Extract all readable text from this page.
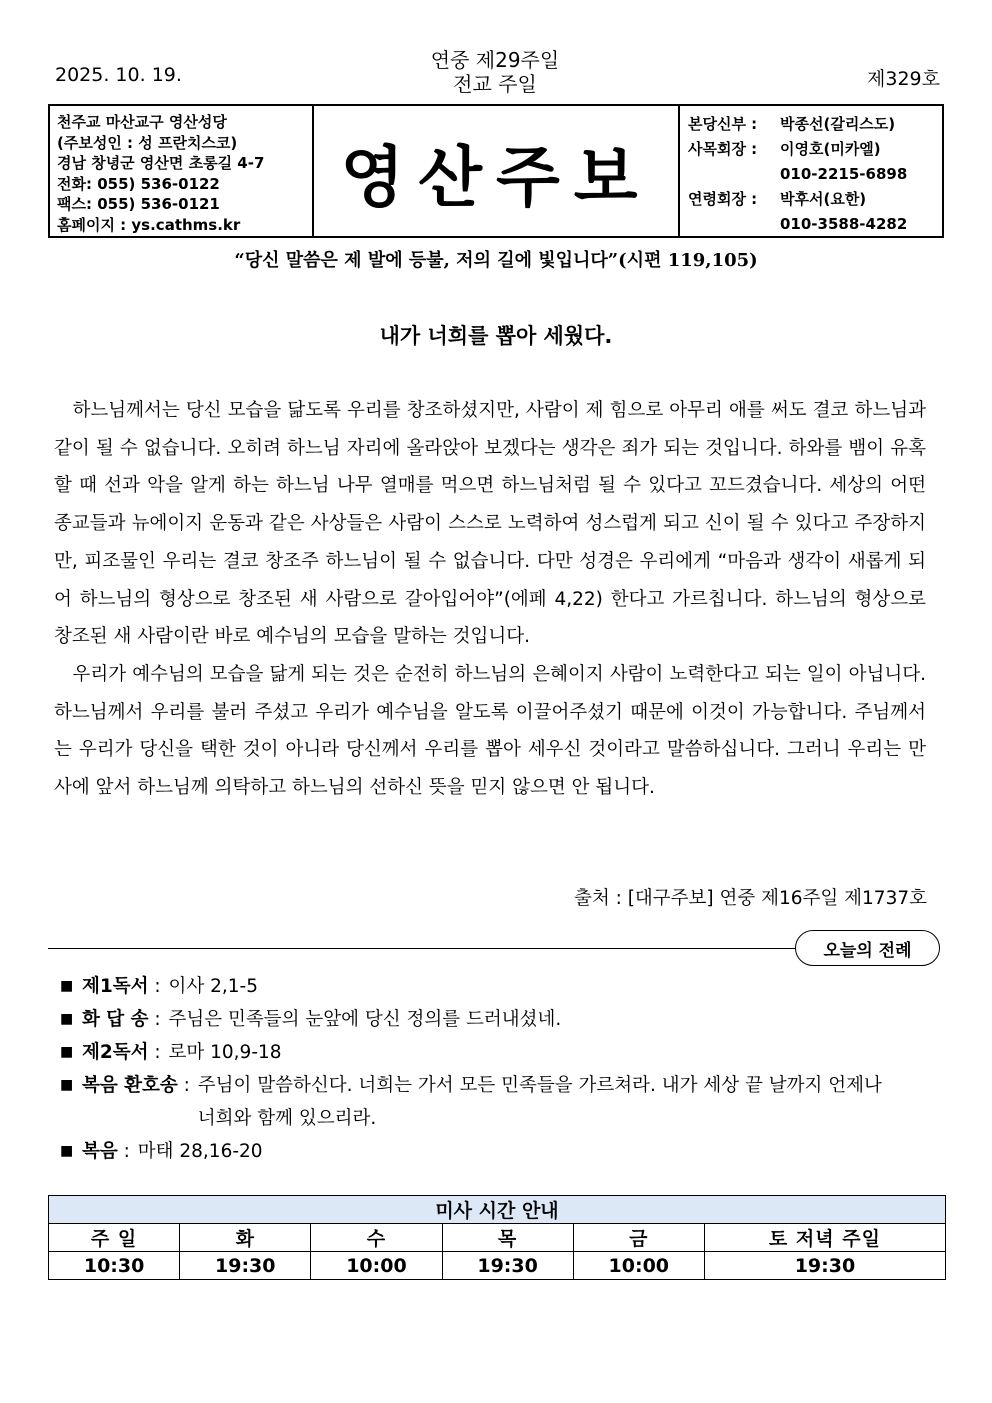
2025. 10. 19.
연중 제29주일
전교 주일	제329호
천주교 마산교구 영산성당
(주보성인 : 성 프란치스코)
경남 창녕군 영산면 초롱길 4-7
전화: 055) 536-0122
팩스: 055) 536-0121
홈페이지 : ys.cathms.kr
영산주보
본당신부 :	박종선(갈리스도)
사목회장 :	이영호(미카엘)
010-2215-6898
연령회장 :	박후서(요한)
010-3588-4282
“당신 말씀은 제 발에 등불, 저의 길에 빛입니다”(시편 119,105)
내가 너희를 뽑아 세웠다.

하느님께서는 당신 모습을 닮도록 우리를 창조하셨지만, 사람이 제 힘으로 아무리 애를 써도 결코 하느님과 같이 될 수 없습니다. 오히려 하느님 자리에 올라앉아 보겠다는 생각은 죄가 되는 것입니다. 하와를 뱀이 유혹할 때 선과 악을 알게 하는 하느님 나무 열매를 먹으면 하느님처럼 될 수 있다고 꼬드겼습니다. 세상의 어떤 종교들과 뉴에이지 운동과 같은 사상들은 사람이 스스로 노력하여 성스럽게 되고 신이 될 수 있다고 주장하지만, 피조물인 우리는 결코 창조주 하느님이 될 수 없습니다. 다만 성경은 우리에게 “마음과 생각이 새롭게 되어 하느님의 형상으로 창조된 새 사람으로 갈아입어야”(에페 4,22) 한다고 가르칩니다. 하느님의 형상으로 창조된 새 사람이란 바로 예수님의 모습을 말하는 것입니다.

우리가 예수님의 모습을 닮게 되는 것은 순전히 하느님의 은혜이지 사람이 노력한다고 되는 일이 아닙니다. 하느님께서 우리를 불러 주셨고 우리가 예수님을 알도록 이끌어주셨기 때문에 이것이 가능합니다. 주님께서는 우리가 당신을 택한 것이 아니라 당신께서 우리를 뽑아 세우신 것이라고 말씀하십니다. 그러니 우리는 만사에 앞서 하느님께 의탁하고 하느님의 선하신 뜻을 믿지 않으면 안 됩니다.

출처 : [대구주보] 연중 제16주일 제1737호
오늘의 전례
■ 제1독서 : 이사 2,1-5
■ 화 답 송 : 주님은 민족들의 눈앞에 당신 정의를 드러내셨네.
■ 제2독서 : 로마 10,9-18
■ 복음 환호송 : 주님이 말씀하신다. 너희는 가서 모든 민족들을 가르쳐라. 내가 세상 끝 날까지 언제나 너희와 함께 있으리라.
■ 복음 : 마태 28,16-20
미사 시간 안내					
주 일	화	수	목	금	토 저녁 주일
10:30	19:30	10:00	19:30	10:00	19:30
